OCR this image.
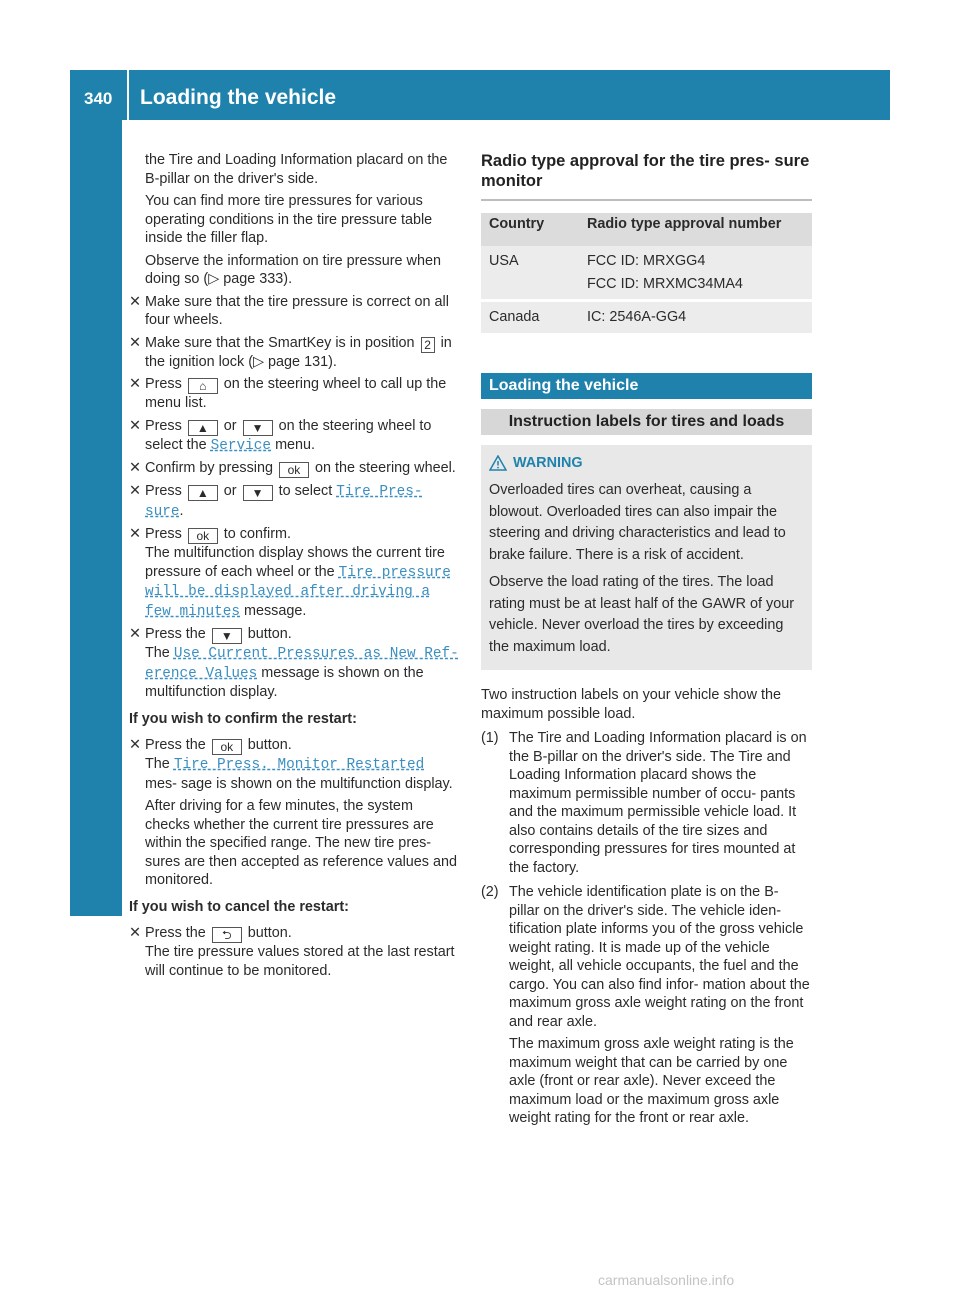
340 Loading the vehicle
Wheels and tires

the Tire and Loading Information placard on the B-pillar on the driver's side.

You can find more tire pressures for various operating conditions in the tire pressure table inside the filler flap.

Observe the information on tire pressure when doing so (▷ page 333).

✕ Make sure that the tire pressure is correct on all four wheels.
✕ Make sure that the SmartKey is in position 2 in the ignition lock (▷ page 131).
✕ Press ⌂ on the steering wheel to call up the menu list.
✕ Press ▲ or ▼ on the steering wheel to select the Service menu.
✕ Confirm by pressing ok on the steering wheel.
✕ Press ▲ or ▼ to select Tire Pres‐ sure.
✕ Press ok to confirm.
The multifunction display shows the current tire pressure of each wheel or the Tire pressure will be displayed after driving a few minutes message.
✕ Press the ▼ button.
The Use Current Pressures as New Ref‐ erence Values message is shown on the multifunction display.
If you wish to confirm the restart:
✕ Press the ok button.
The Tire Press. Monitor Restarted mes‐ sage is shown on the multifunction display.

After driving for a few minutes, the system checks whether the current tire pressures are within the specified range. The new tire pres‐ sures are then accepted as reference values and monitored.

If you wish to cancel the restart:
✕ Press the ⮌ button.
The tire pressure values stored at the last restart will continue to be monitored.
Radio type approval for the tire pres‐ sure monitor
Country	Radio type approval number
USA	FCC ID: MRXGG4
FCC ID: MRXMC34MA4

Canada	IC: 2546A-GG4
Loading the vehicle
Instruction labels for tires and loads
WARNING

Overloaded tires can overheat, causing a blowout. Overloaded tires can also impair the steering and driving characteristics and lead to brake failure. There is a risk of accident.

Observe the load rating of the tires. The load rating must be at least half of the GAWR of your vehicle. Never overload the tires by exceeding the maximum load.

Two instruction labels on your vehicle show the maximum possible load.

(1) The Tire and Loading Information placard is on the B-pillar on the driver's side. The Tire and Loading Information placard shows the maximum permissible number of occu‐ pants and the maximum permissible vehicle load. It also contains details of the tire sizes and corresponding pressures for tires mounted at the factory.
(2) The vehicle identification plate is on the B- pillar on the driver's side. The vehicle iden‐ tification plate informs you of the gross vehicle weight rating. It is made up of the vehicle weight, all vehicle occupants, the fuel and the cargo. You can also find infor‐ mation about the maximum gross axle weight rating on the front and rear axle.

The maximum gross axle weight rating is the maximum weight that can be carried by one axle (front or rear axle). Never exceed the maximum load or the maximum gross axle weight rating for the front or rear axle.

carmanualsonline.info
